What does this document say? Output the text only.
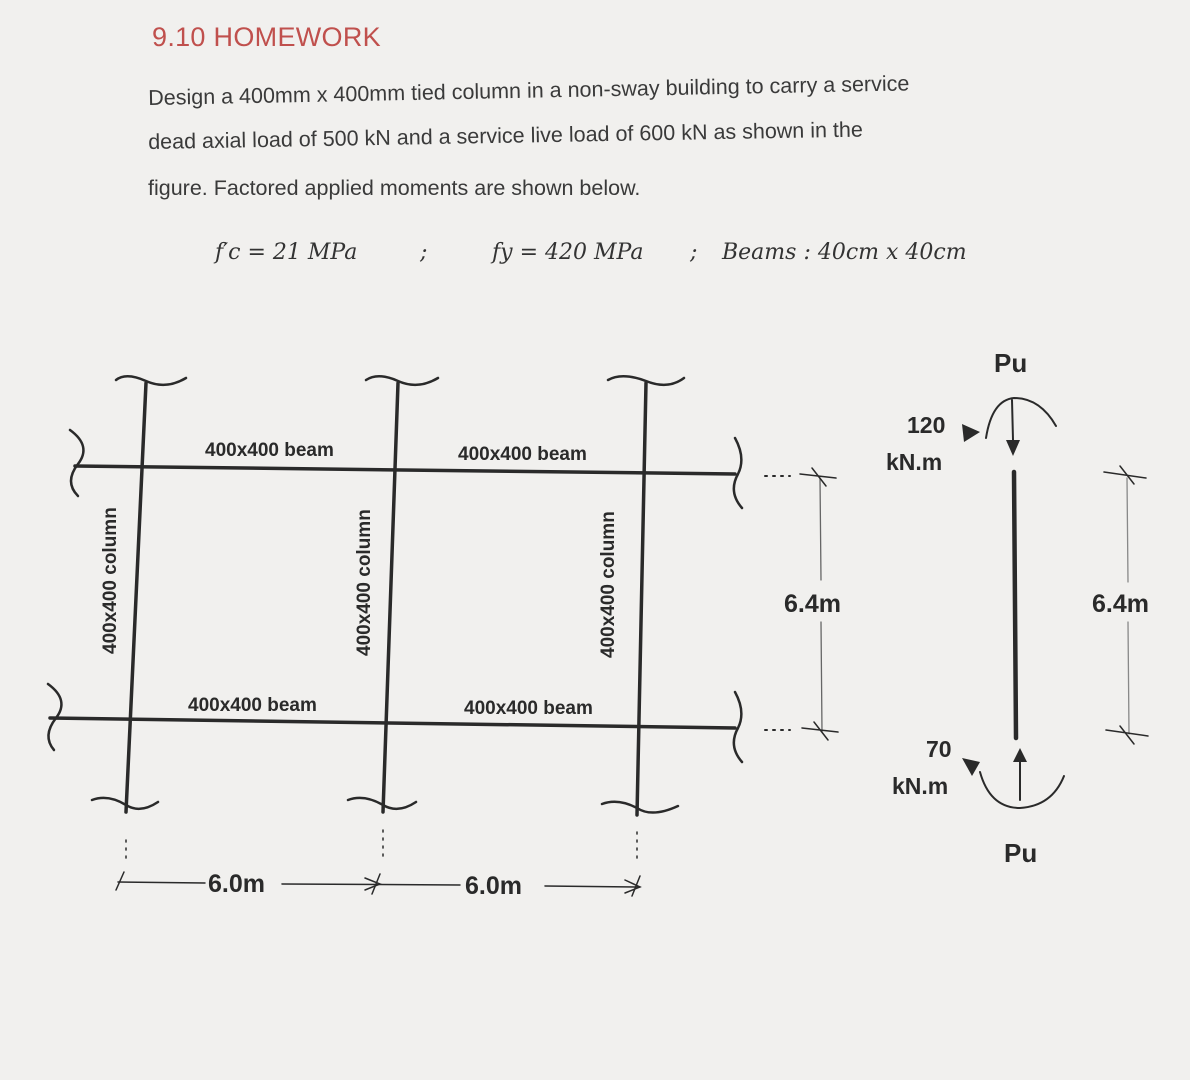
9.10 HOMEWORK
Design a 400mm x 400mm tied column in a non-sway building to carry a service
dead axial load of 500 kN and a service live load of 600 kN as shown in the
figure. Factored applied moments are shown below.
f′c = 21 MPa	;	fy = 420 MPa ; Beams : 40cm x 40cm
400x400 beam	400x400 beam
400x400 beam	400x400 beam
400x400 column	400x400 column	400x400 column
6.0m	6.0m
6.4m
Pu
120
kN.m
70
kN.m
Pu
6.4m
